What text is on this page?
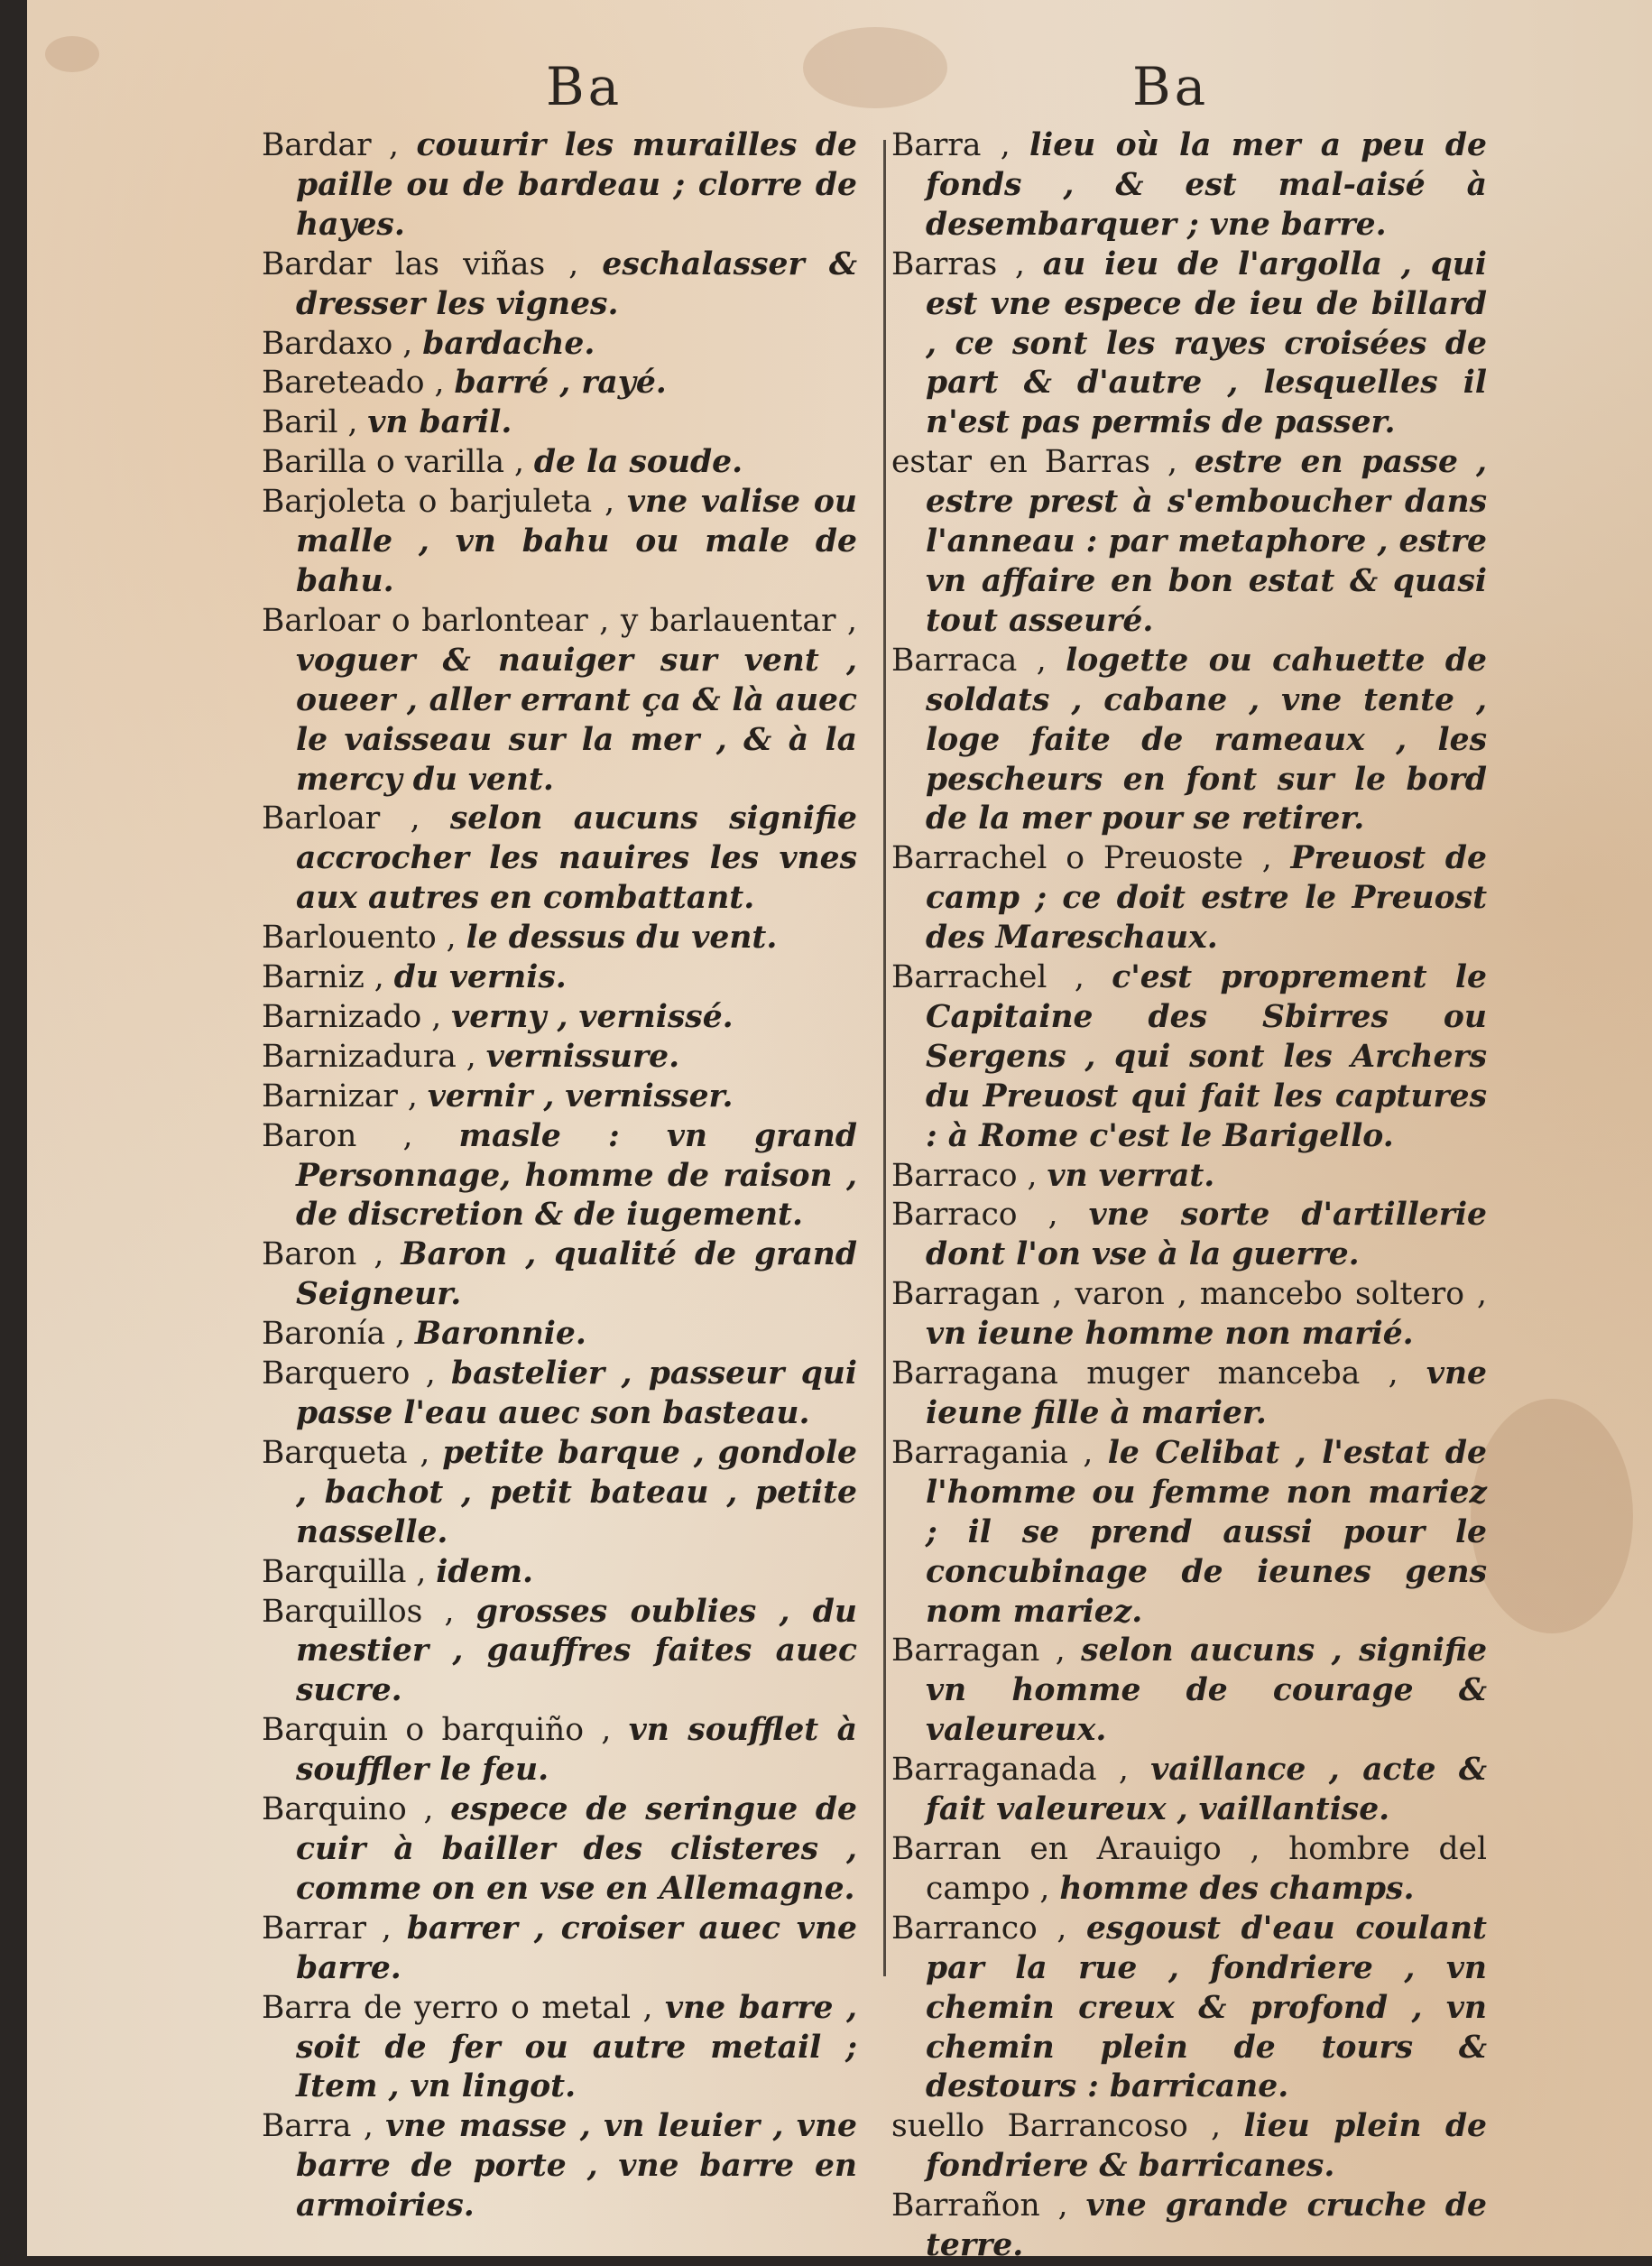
Ba	Ba

Bardar , couurir les murailles de paille ou de bardeau ; clorre de hayes.

Bardar las viñas , eschalasser & dresser les vignes.

Bardaxo , bardache.

Bareteado , barré , rayé.

Baril , vn baril.

Barilla o varilla , de la soude.

Barjoleta o barjuleta , vne valise ou malle , vn bahu ou male de bahu.

Barloar o barlontear , y barlauentar , voguer & nauiger sur vent , oueer , aller errant ça & là auec le vaisseau sur la mer , & à la mercy du vent.

Barloar , selon aucuns signifie accrocher les nauires les vnes aux autres en combattant.

Barlouento , le dessus du vent.

Barniz , du vernis.

Barnizado , verny , vernissé.

Barnizadura , vernissure.

Barnizar , vernir , vernisser.

Baron , masle : vn grand Personnage, homme de raison , de discretion & de iugement.

Baron , Baron , qualité de grand Seigneur.

Baronía , Baronnie.

Barquero , bastelier , passeur qui passe l'eau auec son basteau.

Barqueta , petite barque , gondole , bachot , petit bateau , petite nasselle.

Barquilla , idem.

Barquillos , grosses oublies , du mestier , gauffres faites auec sucre.

Barquin o barquiño , vn soufflet à souffler le feu.

Barquino , espece de seringue de cuir à bailler des clisteres , comme on en vse en Allemagne.

Barrar , barrer , croiser auec vne barre.

Barra de yerro o metal , vne barre , soit de fer ou autre metail ; Item , vn lingot.

Barra , vne masse , vn leuier , vne barre de porte , vne barre en armoiries.

Barra , lieu où la mer a peu de fonds , & est mal-aisé à desembarquer ; vne barre.

Barras , au ieu de l'argolla , qui est vne espece de ieu de billard , ce sont les rayes croisées de part & d'autre , lesquelles il n'est pas permis de passer.

estar en Barras , estre en passe , estre prest à s'emboucher dans l'anneau : par metaphore , estre vn affaire en bon estat & quasi tout asseuré.

Barraca , logette ou cahuette de soldats , cabane , vne tente , loge faite de rameaux , les pescheurs en font sur le bord de la mer pour se retirer.

Barrachel o Preuoste , Preuost de camp ; ce doit estre le Preuost des Mareschaux.

Barrachel , c'est proprement le Capitaine des Sbirres ou Sergens , qui sont les Archers du Preuost qui fait les captures : à Rome c'est le Barigello.

Barraco , vn verrat.

Barraco , vne sorte d'artillerie dont l'on vse à la guerre.

Barragan , varon , mancebo soltero , vn ieune homme non marié.

Barragana muger manceba , vne ieune fille à marier.

Barragania , le Celibat , l'estat de l'homme ou femme non mariez ; il se prend aussi pour le concubinage de ieunes gens nom mariez.

Barragan , selon aucuns , signifie vn homme de courage & valeureux.

Barraganada , vaillance , acte & fait valeureux , vaillantise.

Barran en Arauigo , hombre del campo , homme des champs.

Barranco , esgoust d'eau coulant par la rue , fondriere , vn chemin creux & profond , vn chemin plein de tours & destours : barricane.

suello Barrancoso , lieu plein de fondriere & barricanes.

Barrañon , vne grande cruche de terre.
